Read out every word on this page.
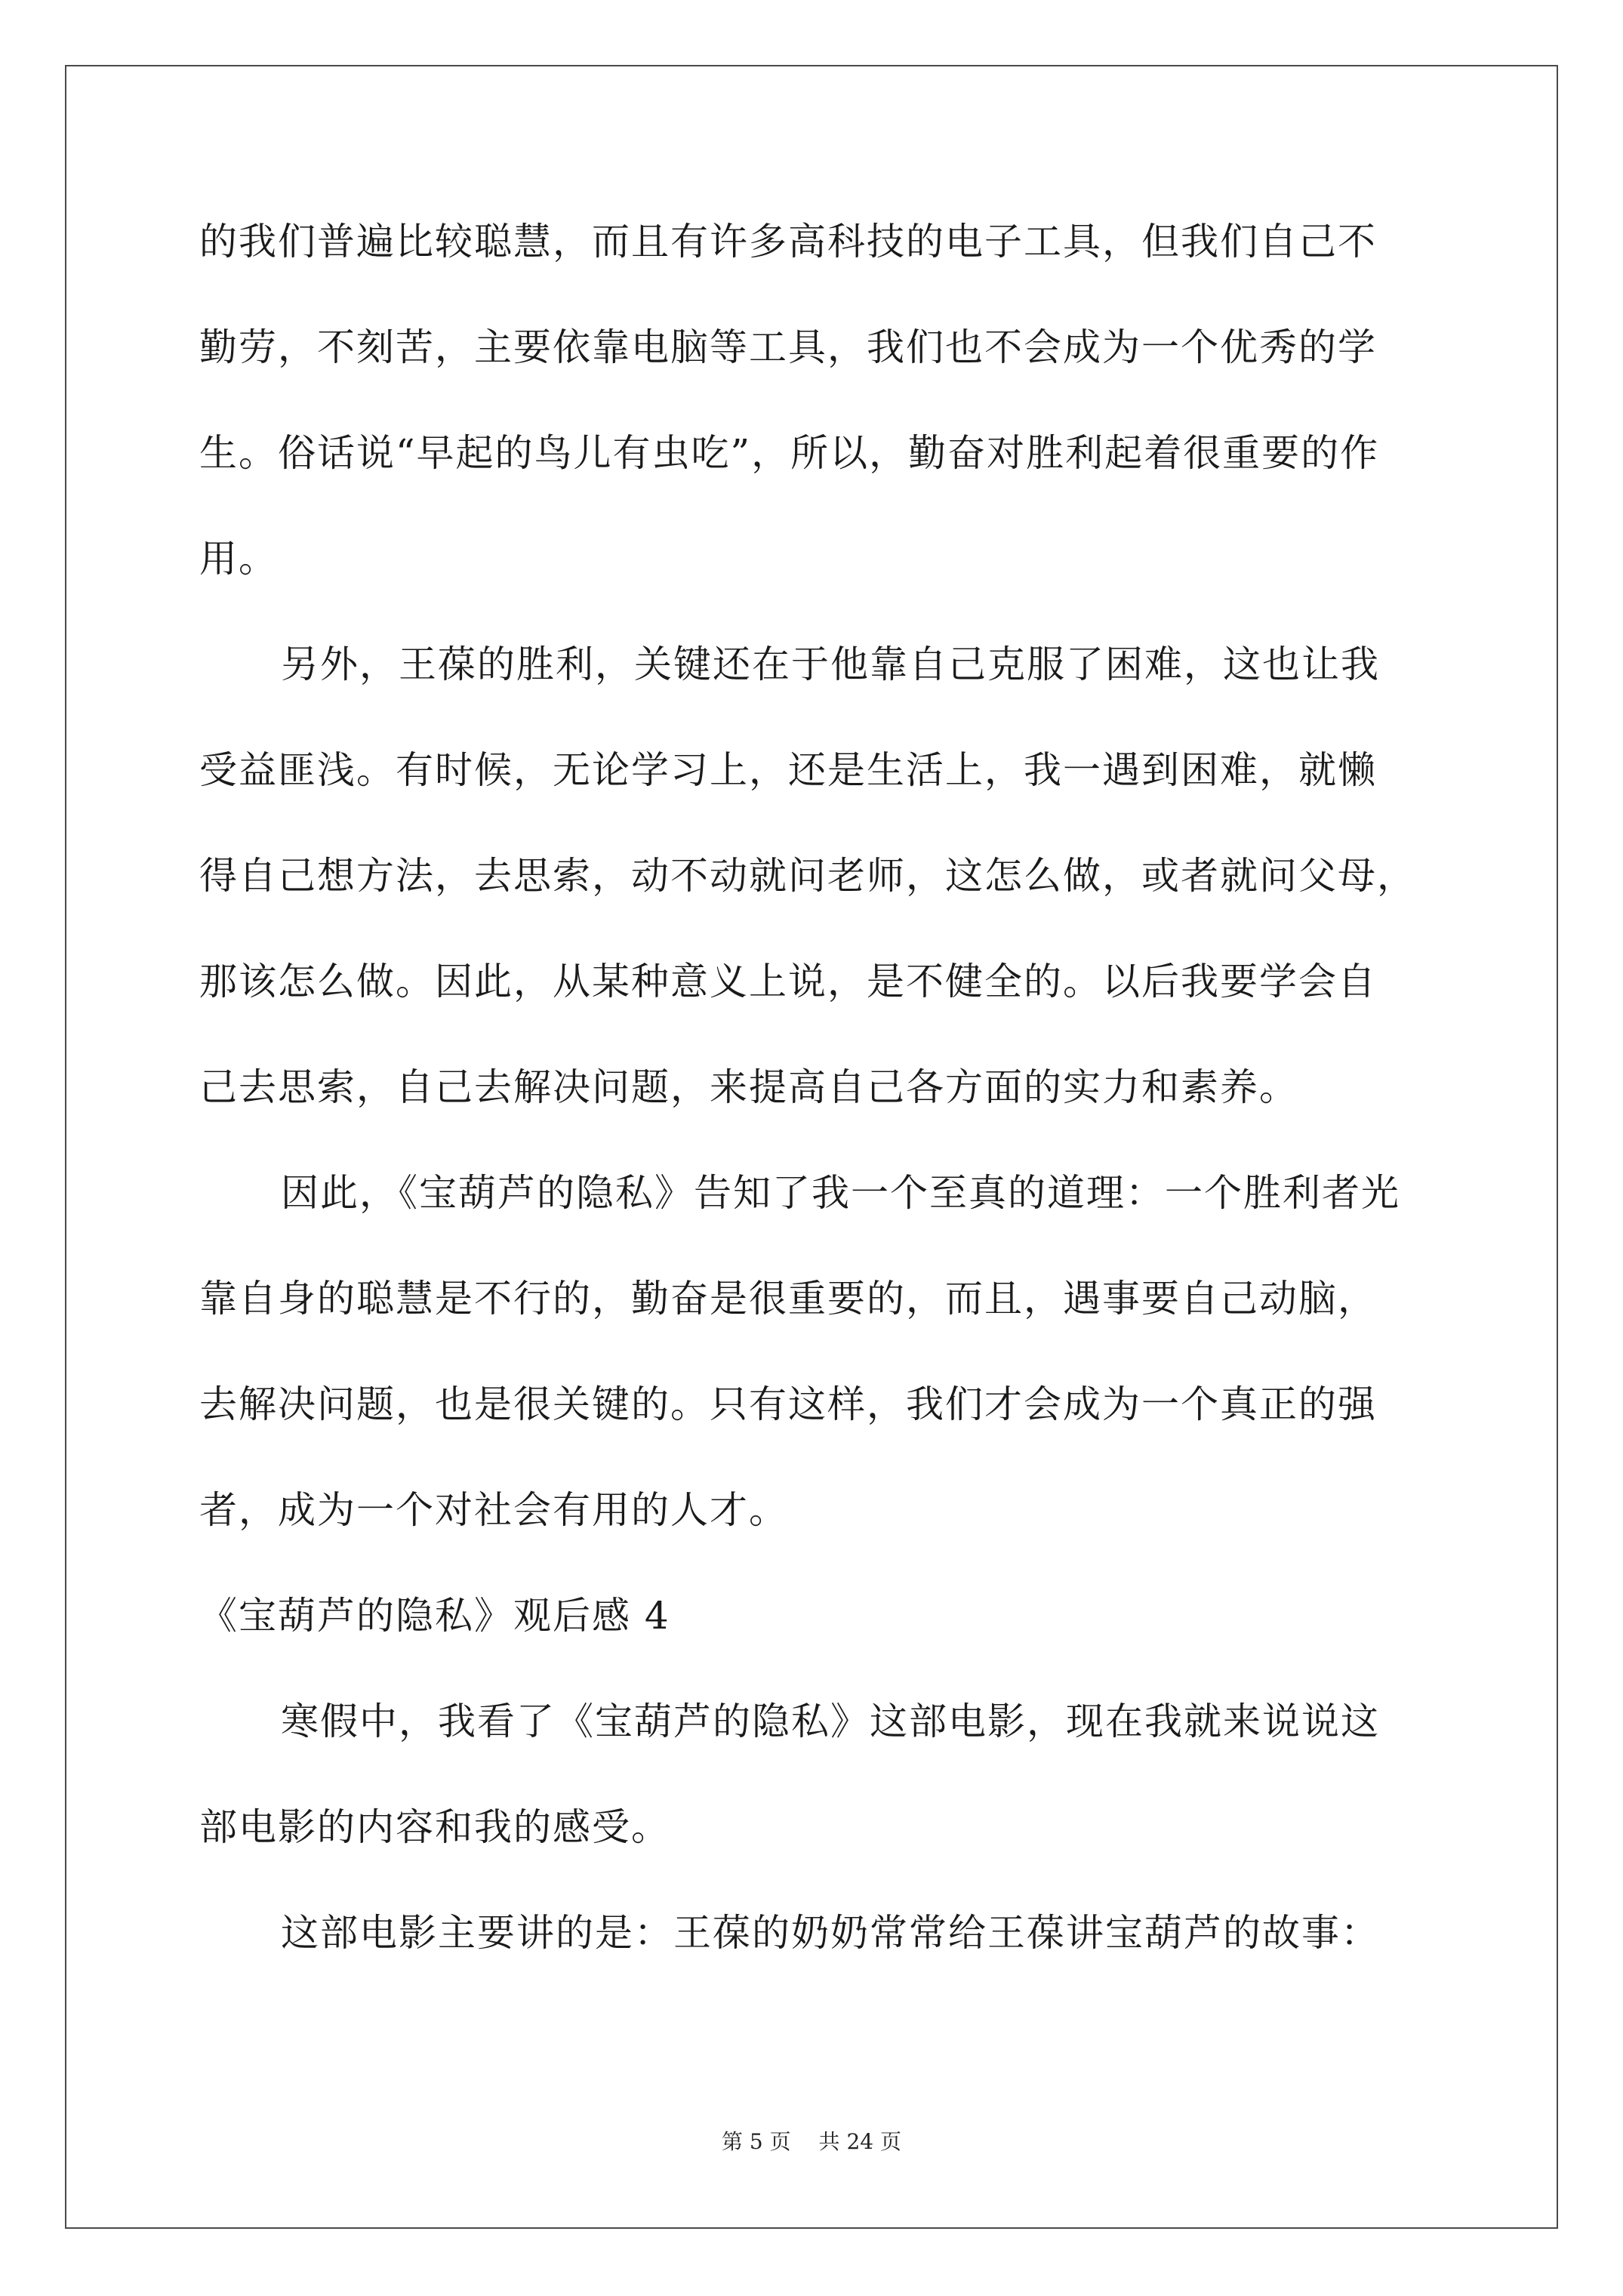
的我们普遍比较聪慧，而且有许多高科技的电子工具，但我们自己不
勤劳，不刻苦，主要依靠电脑等工具，我们也不会成为一个优秀的学
生。俗话说“早起的鸟儿有虫吃”，所以，勤奋对胜利起着很重要的作
用。
另外，王葆的胜利，关键还在于他靠自己克服了困难，这也让我
受益匪浅。有时候，无论学习上，还是生活上，我一遇到困难，就懒
得自己想方法，去思索，动不动就问老师，这怎么做，或者就问父母，
那该怎么做。因此，从某种意义上说，是不健全的。以后我要学会自
己去思索，自己去解决问题，来提高自己各方面的实力和素养。
因此，《宝葫芦的隐私》告知了我一个至真的道理：一个胜利者光
靠自身的聪慧是不行的，勤奋是很重要的，而且，遇事要自己动脑，
去解决问题，也是很关键的。只有这样，我们才会成为一个真正的强
者，成为一个对社会有用的人才。
《宝葫芦的隐私》观后感 4
寒假中，我看了《宝葫芦的隐私》这部电影，现在我就来说说这
部电影的内容和我的感受。
这部电影主要讲的是：王葆的奶奶常常给王葆讲宝葫芦的故事：
第 5 页 共 24 页
